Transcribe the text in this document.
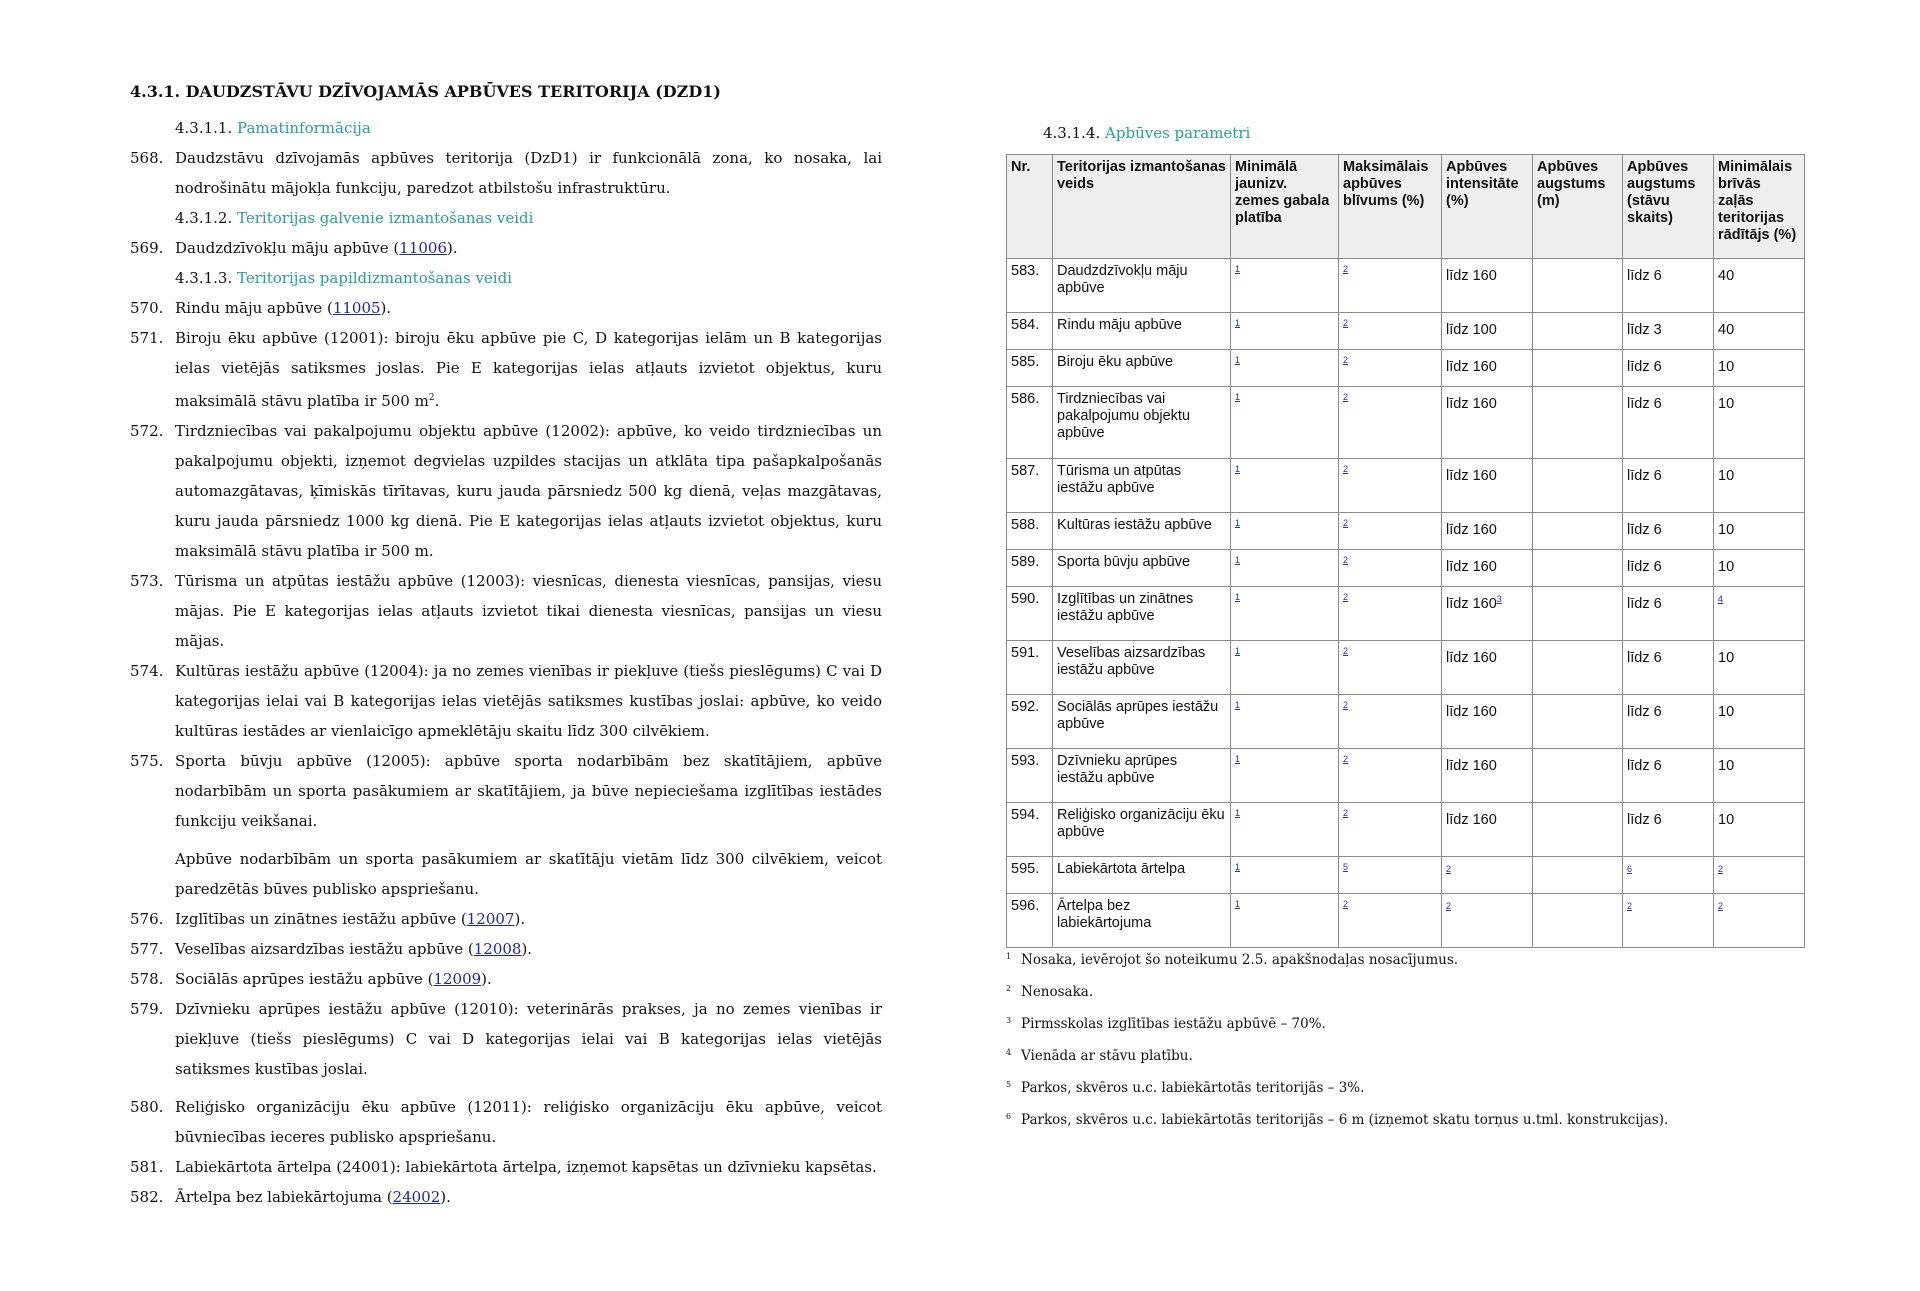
4.3.1. DAUDZSTĀVU DZĪVOJAMĀS APBŪVES TERITORIJA (DZD1)
4.3.1.1. Pamatinformācija
568. Daudzstāvu dzīvojamās apbūves teritorija (DzD1) ir funkcionālā zona, ko nosaka, lai nodrošinātu mājokļa funkciju, paredzot atbilstošu infrastruktūru.
4.3.1.2. Teritorijas galvenie izmantošanas veidi
569. Daudzdzīvokļu māju apbūve (11006).
4.3.1.3. Teritorijas papildizmantošanas veidi
570. Rindu māju apbūve (11005).
571. Biroju ēku apbūve (12001): biroju ēku apbūve pie C, D kategorijas ielām un B kategorijas ielas vietējās satiksmes joslas. Pie E kategorijas ielas atļauts izvietot objektus, kuru maksimālā stāvu platība ir 500 $m^2$.
572. Tirdzniecības vai pakalpojumu objektu apbūve (12002): apbūve, ko veido tirdzniecības un pakalpojumu objekti, izņemot degvielas uzpildes stacijas un atklāta tipa pašapkalpošanās automazgātavas, ķīmiskās tīrītavas, kuru jauda pārsniedz 500 kg dienā, veļas mazgātavas, kuru jauda pārsniedz 1000 kg dienā. Pie E kategorijas ielas atļauts izvietot objektus, kuru maksimālā stāvu platība ir 500 m.
573. Tūrisma un atpūtas iestāžu apbūve (12003): viesnīcas, dienesta viesnīcas, pansijas, viesu mājas. Pie E kategorijas ielas atļauts izvietot tikai dienesta viesnīcas, pansijas un viesu mājas.
574. Kultūras iestāžu apbūve (12004): ja no zemes vienības ir piekļuve (tiešs pieslēgums) C vai D kategorijas ielai vai B kategorijas ielas vietējās satiksmes kustības joslai: apbūve, ko veido kultūras iestādes ar vienlaicīgo apmeklētāju skaitu līdz 300 cilvēkiem.
575. Sporta būvju apbūve (12005): apbūve sporta nodarbībām bez skatītājiem, apbūve nodarbībām un sporta pasākumiem ar skatītājiem, ja būve nepieciešama izglītības iestādes funkciju veikšanai.
Apbūve nodarbībām un sporta pasākumiem ar skatītāju vietām līdz 300 cilvēkiem, veicot paredzētās būves publisko apspriešanu.
576. Izglītības un zinātnes iestāžu apbūve (12007).
577. Veselības aizsardzības iestāžu apbūve (12008).
578. Sociālās aprūpes iestāžu apbūve (12009).
579. Dzīvnieku aprūpes iestāžu apbūve (12010): veterinārās prakses, ja no zemes vienības ir piekļuve (tiešs pieslēgums) C vai D kategorijas ielai vai B kategorijas ielas vietējās satiksmes kustības joslai.
580. Reliģisko organizāciju ēku apbūve (12011): reliģisko organizāciju ēku apbūve, veicot būvniecības ieceres publisko apspriešanu.
581. Labiekārtota ārtelpa (24001): labiekārtota ārtelpa, izņemot kapsētas un dzīvnieku kapsētas.
582. Ārtelpa bez labiekārtojuma (24002).
4.3.1.4. Apbūves parametri
Nr.	Teritorijas izmantošanas veids	Minimālā jaunizv. zemes gabala platība	Maksimālais apbūves blīvums (%)	Apbūves intensitāte (%)	Apbūves augstums (m)	Apbūves augstums (stāvu skaits)	Minimālais brīvās zaļās teritorijas rādītājs (%)
583.	Daudzdzīvokļu māju apbūve	1	2	līdz 160		līdz 6	40
584.	Rindu māju apbūve	1	2	līdz 100		līdz 3	40
585.	Biroju ēku apbūve	1	2	līdz 160		līdz 6	10
586.	Tirdzniecības vai pakalpojumu objektu apbūve	1	2	līdz 160		līdz 6	10
587.	Tūrisma un atpūtas iestāžu apbūve	1	2	līdz 160		līdz 6	10
588.	Kultūras iestāžu apbūve	1	2	līdz 160		līdz 6	10
589.	Sporta būvju apbūve	1	2	līdz 160		līdz 6	10
590.	Izglītības un zinātnes iestāžu apbūve	1	2	līdz $160^3$		līdz 6	$^4$
591.	Veselības aizsardzības iestāžu apbūve	1	2	līdz 160		līdz 6	10
592.	Sociālās aprūpes iestāžu apbūve	1	2	līdz 160		līdz 6	10
593.	Dzīvnieku aprūpes iestāžu apbūve	1	2	līdz 160		līdz 6	10
594.	Reliģisko organizāciju ēku apbūve	1	2	līdz 160		līdz 6	10
595.	Labiekārtota ārtelpa	1	5	$^2$		$^6$	$^2$
596.	Ārtelpa bez labiekārtojuma	1	2	$^2$		$^2$	$^2$
1 Nosaka, ievērojot šo noteikumu 2.5. apakšnodaļas nosacījumus.
2 Nenosaka.
3 Pirmsskolas izglītības iestāžu apbūvē – 70%.
4 Vienāda ar stāvu platību.
5 Parkos, skvēros u.c. labiekārtotās teritorijās – 3%.
6 Parkos, skvēros u.c. labiekārtotās teritorijās – 6 m (izņemot skatu torņus u.tml. konstrukcijas).
